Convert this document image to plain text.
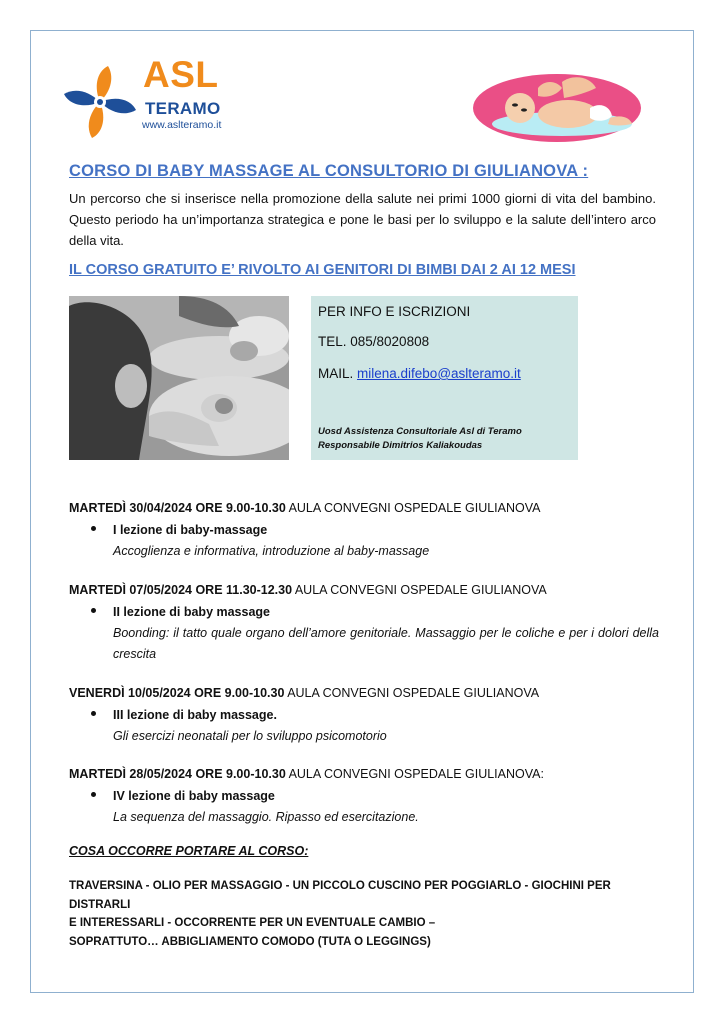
ASL
TERAMO
www.aslteramo.it
CORSO DI BABY MASSAGE AL CONSULTORIO DI GIULIANOVA :
Un percorso che si inserisce nella promozione della salute nei primi 1000 giorni di vita del bambino. Questo periodo ha un’importanza strategica e pone le basi per lo sviluppo e la salute dell’intero arco della vita.
IL CORSO GRATUITO E’ RIVOLTO AI GENITORI DI BIMBI DAI 2 AI 12 MESI
PER INFO E ISCRIZIONI
TEL. 085/8020808
MAIL. milena.difebo@aslteramo.it
Uosd Assistenza Consultoriale Asl di Teramo
Responsabile Dimitrios Kaliakoudas
MARTEDÌ 30/04/2024 ORE 9.00-10.30 AULA CONVEGNI OSPEDALE GIULIANOVA
I lezione di baby-massage
Accoglienza e informativa, introduzione al baby-massage
MARTEDÌ 07/05/2024 ORE 11.30-12.30 AULA CONVEGNI OSPEDALE GIULIANOVA
II lezione di baby massage
Boonding: il tatto quale organo dell’amore genitoriale. Massaggio per le coliche e per i dolori della crescita
VENERDÌ 10/05/2024 ORE 9.00-10.30 AULA CONVEGNI OSPEDALE GIULIANOVA
III lezione di baby massage.
Gli esercizi neonatali per lo sviluppo psicomotorio
MARTEDÌ 28/05/2024 ORE 9.00-10.30 AULA CONVEGNI OSPEDALE GIULIANOVA:
IV lezione di baby massage
La sequenza del massaggio. Ripasso ed esercitazione.
COSA OCCORRE PORTARE AL CORSO:
TRAVERSINA - OLIO PER MASSAGGIO - UN PICCOLO CUSCINO PER POGGIARLO - GIOCHINI PER DISTRARLI
E INTERESSARLI - OCCORRENTE PER UN EVENTUALE CAMBIO –
SOPRATTUTO… ABBIGLIAMENTO COMODO (TUTA O LEGGINGS)
